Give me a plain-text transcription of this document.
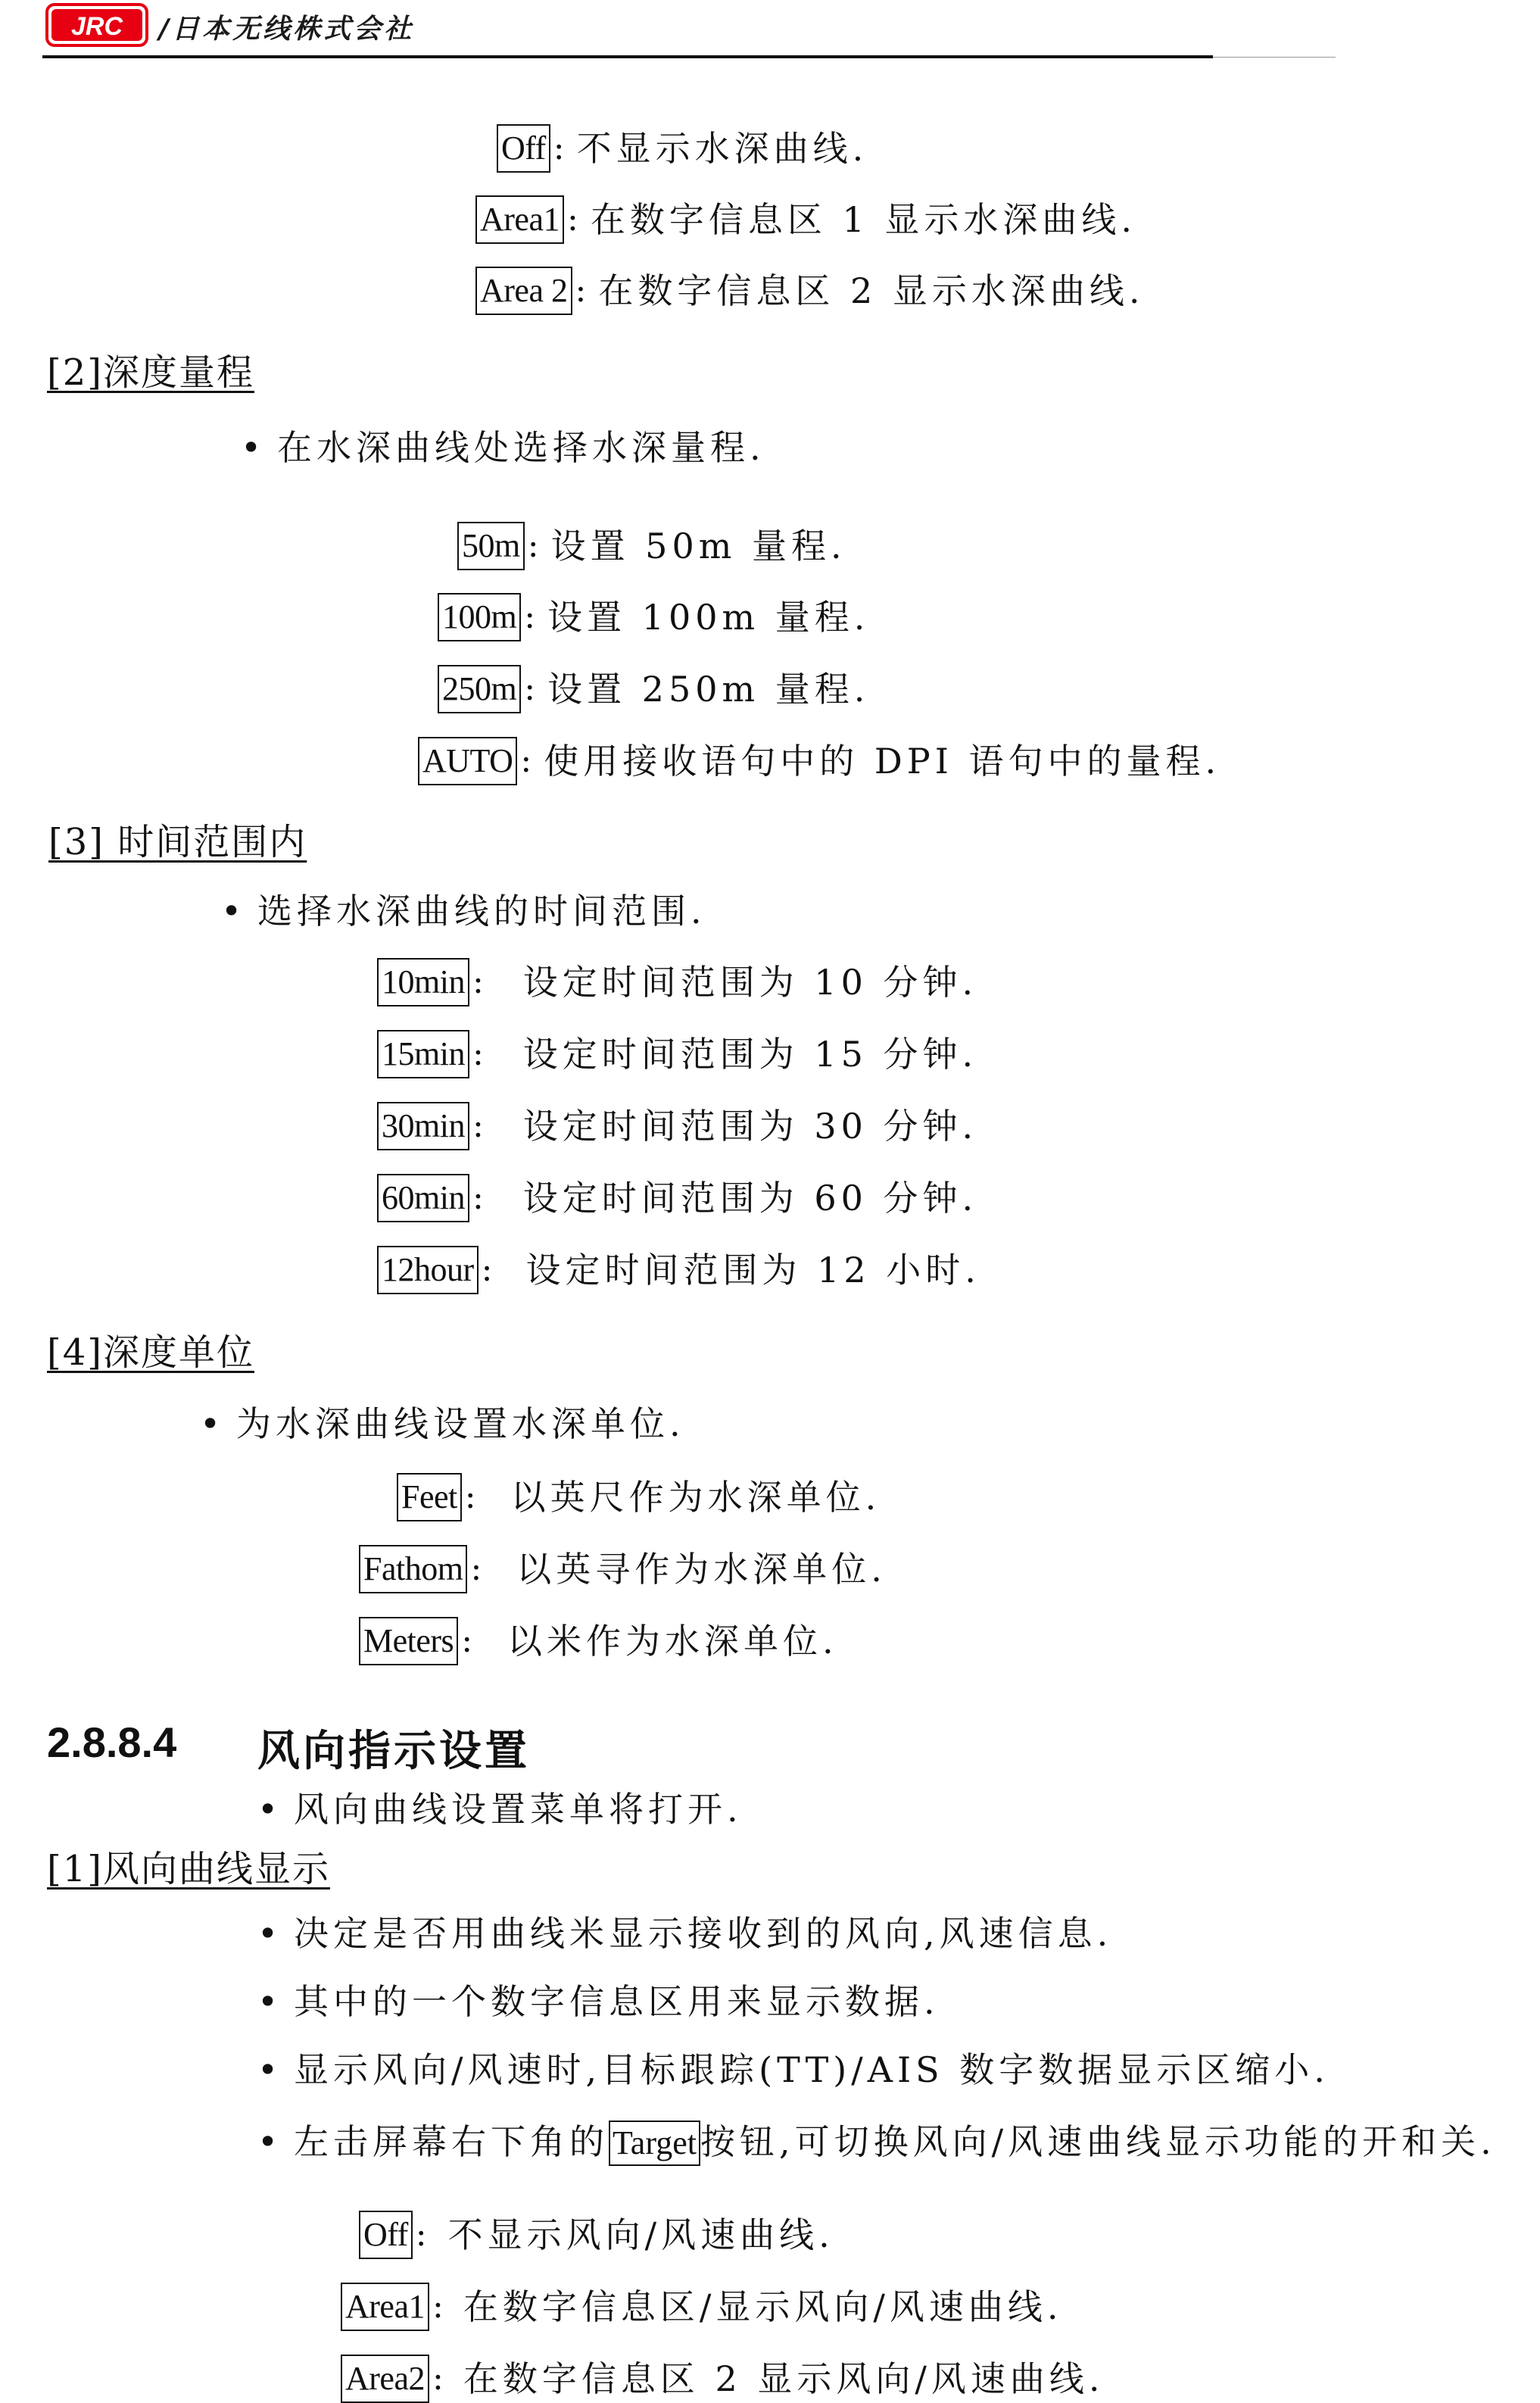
JRC /日本无线株式会社
Off : 不显示水深曲线.
Area1 : 在数字信息区 1 显示水深曲线.
Area 2 : 在数字信息区 2 显示水深曲线.
[2]深度量程
• 在水深曲线处选择水深量程.
50m : 设置 50m 量程.
100m : 设置 100m 量程.
250m : 设置 250m 量程.
AUTO : 使用接收语句中的 DPI 语句中的量程.
[3] 时间范围内
• 选择水深曲线的时间范围.
10min : 设定时间范围为 10 分钟.
15min : 设定时间范围为 15 分钟.
30min : 设定时间范围为 30 分钟.
60min : 设定时间范围为 60 分钟.
12hour : 设定时间范围为 12 小时.
[4]深度单位
• 为水深曲线设置水深单位.
Feet : 以英尺作为水深单位.
Fathom : 以英寻作为水深单位.
Meters : 以米作为水深单位.
2.8.8.4 风向指示设置
• 风向曲线设置菜单将打开.
[1]风向曲线显示
• 决定是否用曲线米显示接收到的风向,风速信息.
• 其中的一个数字信息区用来显示数据.
• 显示风向/风速时,目标跟踪(TT)/AIS 数字数据显示区缩小.
• 左击屏幕右下角的 Target 按钮,可切换风向/风速曲线显示功能的开和关.
Off : 不显示风向/风速曲线.
Area1 : 在数字信息区/显示风向/风速曲线.
Area2 : 在数字信息区 2 显示风向/风速曲线.
